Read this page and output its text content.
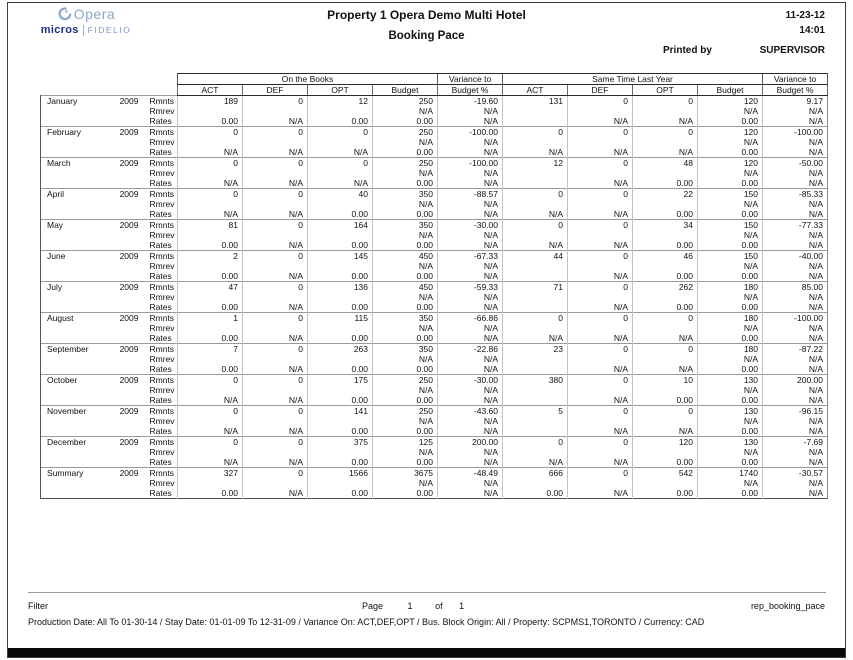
Opera
micros FIDELIO
Property 1 Opera Demo Multi Hotel
Booking Pace
11-23-12
14:01
Printed by	SUPERVISOR
		On the Books				Variance to	Same Time Last Year				Variance to
		ACT	DEF	OPT	Budget	Budget %	ACT	DEF	OPT	Budget	Budget %

January 2009	Rmnts	189	0	12	250	-19.60	131	0	0	120	9.17
	Rmrev				N/A	N/A				N/A	N/A
	Rates	0.00	N/A	0.00	0.00	N/A		N/A	N/A	0.00	N/A

February 2009	Rmnts	0	0	0	250	-100.00	0	0	0	120	-100.00
	Rmrev				N/A	N/A				N/A	N/A
	Rates	N/A	N/A	N/A	0.00	N/A	N/A	N/A	N/A	0.00	N/A

March 2009	Rmnts	0	0	0	250	-100.00	12	0	48	120	-50.00
	Rmrev				N/A	N/A				N/A	N/A
	Rates	N/A	N/A	N/A	0.00	N/A		N/A	0.00	0.00	N/A

April 2009	Rmnts	0	0	40	350	-88.57	0	0	22	150	-85.33
	Rmrev				N/A	N/A				N/A	N/A
	Rates	N/A	N/A	0.00	0.00	N/A	N/A	N/A	0.00	0.00	N/A

May 2009	Rmnts	81	0	164	350	-30.00	0	0	34	150	-77.33
	Rmrev				N/A	N/A				N/A	N/A
	Rates	0.00	N/A	0.00	0.00	N/A	N/A	N/A	0.00	0.00	N/A

June 2009	Rmnts	2	0	145	450	-67.33	44	0	46	150	-40.00
	Rmrev				N/A	N/A				N/A	N/A
	Rates	0.00	N/A	0.00	0.00	N/A		N/A	0.00	0.00	N/A

July 2009	Rmnts	47	0	136	450	-59.33	71	0	262	180	85.00
	Rmrev				N/A	N/A				N/A	N/A
	Rates	0.00	N/A	0.00	0.00	N/A		N/A	0.00	0.00	N/A

August 2009	Rmnts	1	0	115	350	-66.86	0	0	0	180	-100.00
	Rmrev				N/A	N/A				N/A	N/A
	Rates	0.00	N/A	0.00	0.00	N/A	N/A	N/A	N/A	0.00	N/A

September 2009	Rmnts	7	0	263	350	-22.86	23	0	0	180	-87.22
	Rmrev				N/A	N/A				N/A	N/A
	Rates	0.00	N/A	0.00	0.00	N/A		N/A	N/A	0.00	N/A

October 2009	Rmnts	0	0	175	250	-30.00	380	0	10	130	200.00
	Rmrev				N/A	N/A				N/A	N/A
	Rates	N/A	N/A	0.00	0.00	N/A		N/A	0.00	0.00	N/A

November 2009	Rmnts	0	0	141	250	-43.60	5	0	0	130	-96.15
	Rmrev				N/A	N/A				N/A	N/A
	Rates	N/A	N/A	0.00	0.00	N/A		N/A	N/A	0.00	N/A

December 2009	Rmnts	0	0	375	125	200.00	0	0	120	130	-7.69
	Rmrev				N/A	N/A				N/A	N/A
	Rates	N/A	N/A	0.00	0.00	N/A	N/A	N/A	0.00	0.00	N/A

Summary 2009	Rmnts	327	0	1566	3675	-48.49	666	0	542	1740	-30.57
	Rmrev				N/A	N/A				N/A	N/A
	Rates	0.00	N/A	0.00	0.00	N/A	0.00	N/A	0.00	0.00	N/A
Filter	Page	1	of 1	rep_booking_pace
Production Date: All To 01-30-14 / Stay Date: 01-01-09 To 12-31-09 / Variance On: ACT,DEF,OPT / Bus. Block Origin: All / Property: SCPMS1,TORONTO / Currency: CAD
